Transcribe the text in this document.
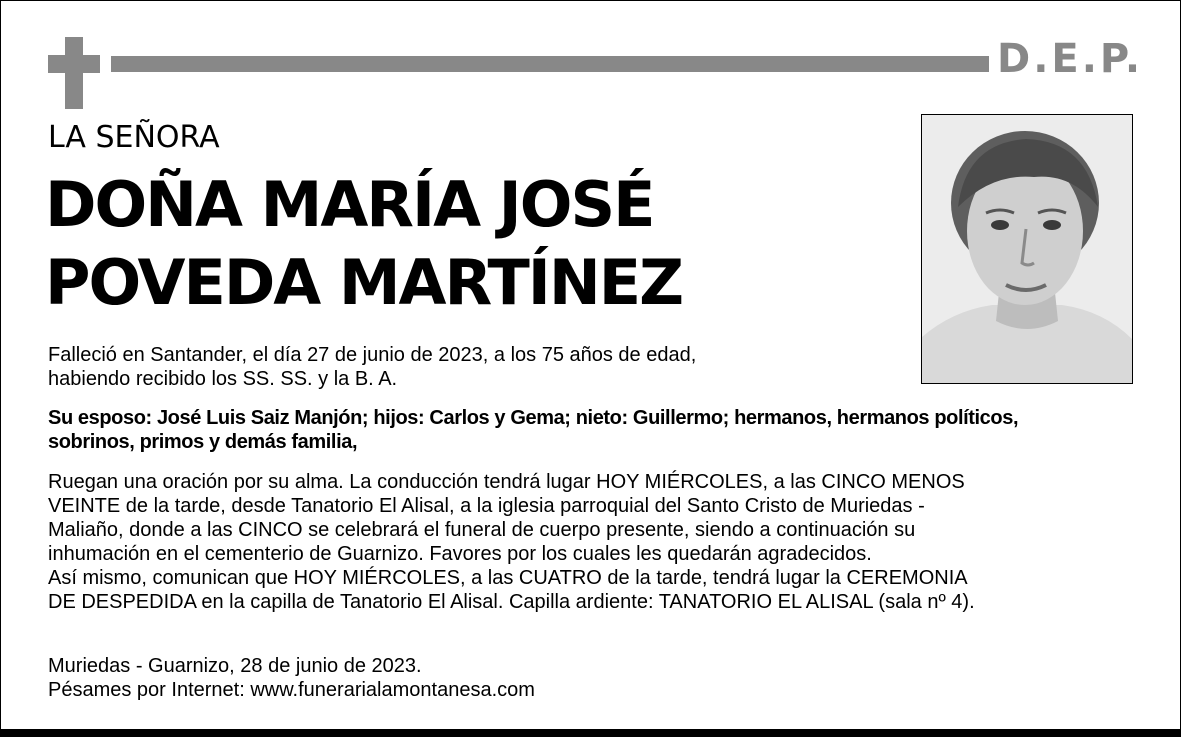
D.E.P.
LA SEÑORA
DOÑA MARÍA JOSÉ
POVEDA MARTÍNEZ
Falleció en Santander, el día 27 de junio de 2023, a los 75 años de edad,
habiendo recibido los SS. SS. y la B. A.
Su esposo: José Luis Saiz Manjón; hijos: Carlos y Gema; nieto: Guillermo; hermanos, hermanos políticos,
sobrinos, primos y demás familia,
Ruegan una oración por su alma. La conducción tendrá lugar HOY MIÉRCOLES, a las CINCO MENOS
VEINTE de la tarde, desde Tanatorio El Alisal, a la iglesia parroquial del Santo Cristo de Muriedas -
Maliaño, donde a las CINCO se celebrará el funeral de cuerpo presente, siendo a continuación su
inhumación en el cementerio de Guarnizo. Favores por los cuales les quedarán agradecidos.
Así mismo, comunican que HOY MIÉRCOLES, a las CUATRO de la tarde, tendrá lugar la CEREMONIA
DE DESPEDIDA en la capilla de Tanatorio El Alisal. Capilla ardiente: TANATORIO EL ALISAL (sala nº 4).
Muriedas - Guarnizo, 28 de junio de 2023.
Pésames por Internet: www.funerarialamontanesa.com
